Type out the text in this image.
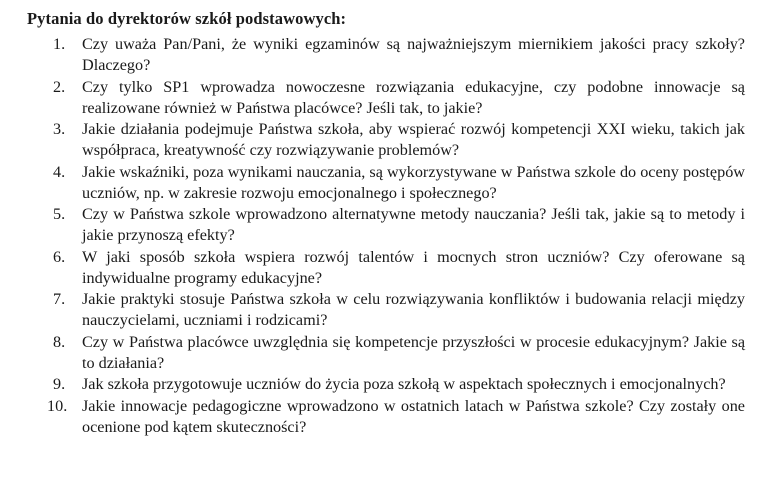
Pytania do dyrektorów szkół podstawowych:
1.	Czy uważa Pan/Pani, że wyniki egzaminów są najważniejszym miernikiem jakości pracy szkoły? Dlaczego?
2.	Czy tylko SP1 wprowadza nowoczesne rozwiązania edukacyjne, czy podobne innowacje są realizowane również w Państwa placówce? Jeśli tak, to jakie?
3.	Jakie działania podejmuje Państwa szkoła, aby wspierać rozwój kompetencji XXI wieku, takich jak współpraca, kreatywność czy rozwiązywanie problemów?
4.	Jakie wskaźniki, poza wynikami nauczania, są wykorzystywane w Państwa szkole do oceny postępów uczniów, np. w zakresie rozwoju emocjonalnego i społecznego?
5.	Czy w Państwa szkole wprowadzono alternatywne metody nauczania? Jeśli tak, jakie są to metody i jakie przynoszą efekty?
6.	W jaki sposób szkoła wspiera rozwój talentów i mocnych stron uczniów? Czy oferowane są indywidualne programy edukacyjne?
7.	Jakie praktyki stosuje Państwa szkoła w celu rozwiązywania konfliktów i budowania relacji między nauczycielami, uczniami i rodzicami?
8.	Czy w Państwa placówce uwzględnia się kompetencje przyszłości w procesie edukacyjnym? Jakie są to działania?
9.	Jak szkoła przygotowuje uczniów do życia poza szkołą w aspektach społecznych i emocjonalnych?
10. Jakie innowacje pedagogiczne wprowadzono w ostatnich latach w Państwa szkole? Czy zostały one ocenione pod kątem skuteczności?
